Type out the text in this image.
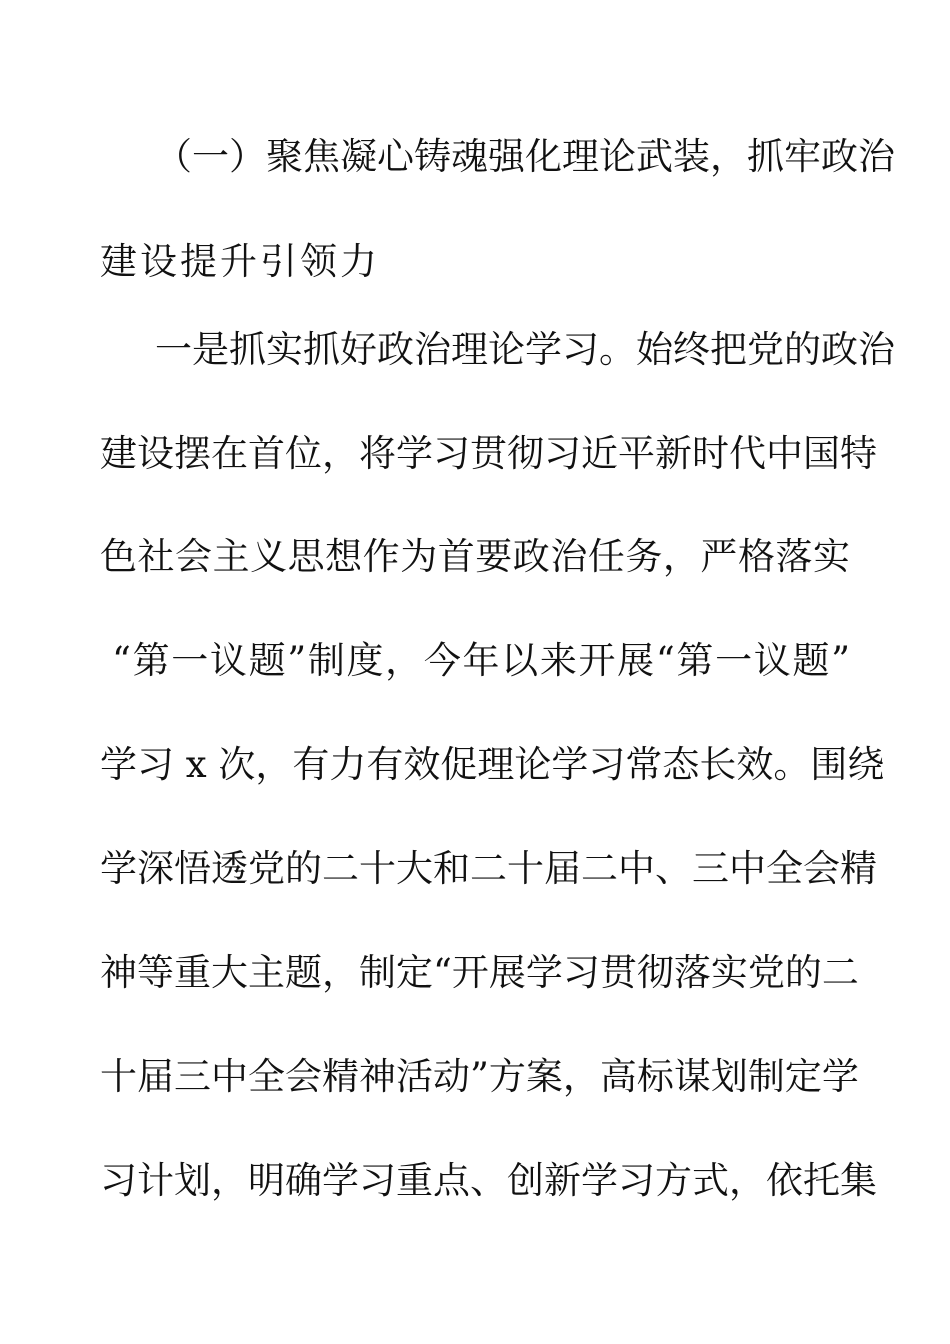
（一）聚焦凝心铸魂强化理论武装，抓牢政治
建设提升引领力
一是抓实抓好政治理论学习。始终把党的政治
建设摆在首位，将学习贯彻习近平新时代中国特
色社会主义思想作为首要政治任务，严格落实
“第一议题”制度，今年以来开展“第一议题”
学习 x 次，有力有效促理论学习常态长效。围绕
学深悟透党的二十大和二十届二中、三中全会精
神等重大主题，制定“开展学习贯彻落实党的二
十届三中全会精神活动”方案，高标谋划制定学
习计划，明确学习重点、创新学习方式，依托集
